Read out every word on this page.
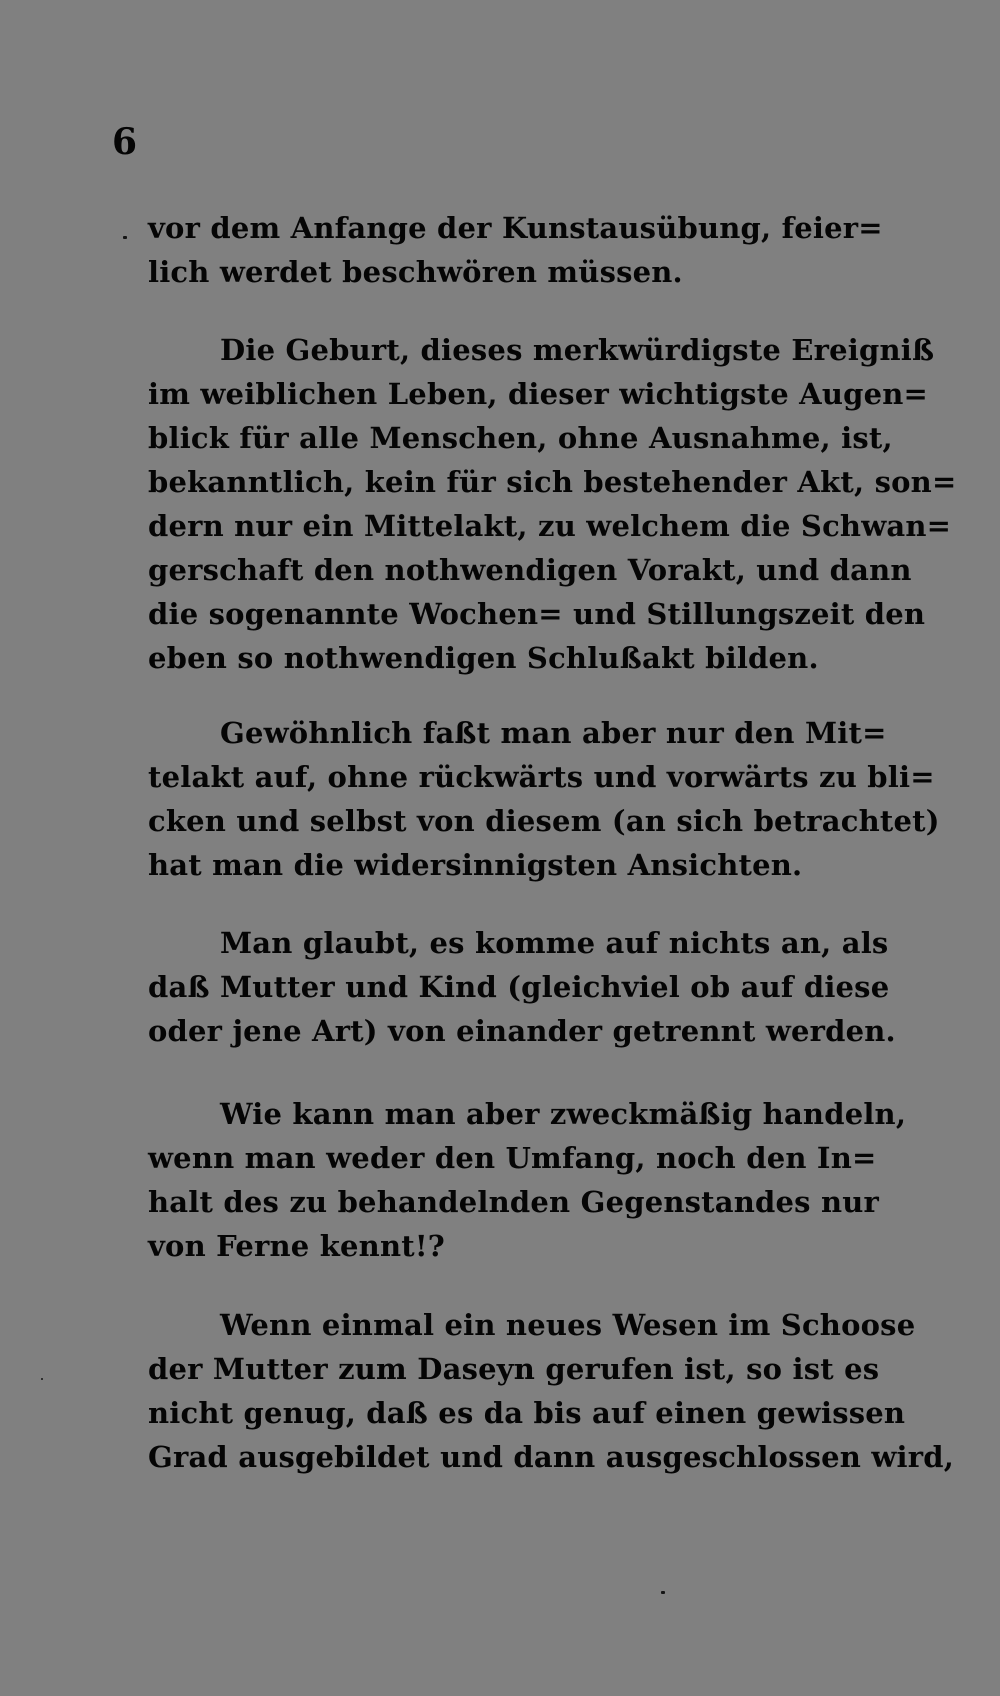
6
vor dem Anfange der Kunstausübung, feier=
lich werdet beschwören müssen.
Die Geburt, dieses merkwürdigste Ereigniß
im weiblichen Leben, dieser wichtigste Augen=
blick für alle Menschen, ohne Ausnahme, ist,
bekanntlich, kein für sich bestehender Akt, son=
dern nur ein Mittelakt, zu welchem die Schwan=
gerschaft den nothwendigen Vorakt, und dann
die sogenannte Wochen= und Stillungszeit den
eben so nothwendigen Schlußakt bilden.
Gewöhnlich faßt man aber nur den Mit=
telakt auf, ohne rückwärts und vorwärts zu bli=
cken und selbst von diesem (an sich betrachtet)
hat man die widersinnigsten Ansichten.
Man glaubt, es komme auf nichts an, als
daß Mutter und Kind (gleichviel ob auf diese
oder jene Art) von einander getrennt werden.
Wie kann man aber zweckmäßig handeln,
wenn man weder den Umfang, noch den In=
halt des zu behandelnden Gegenstandes nur
von Ferne kennt!?
Wenn einmal ein neues Wesen im Schoose
der Mutter zum Daseyn gerufen ist, so ist es
nicht genug, daß es da bis auf einen gewissen
Grad ausgebildet und dann ausgeschlossen wird,
